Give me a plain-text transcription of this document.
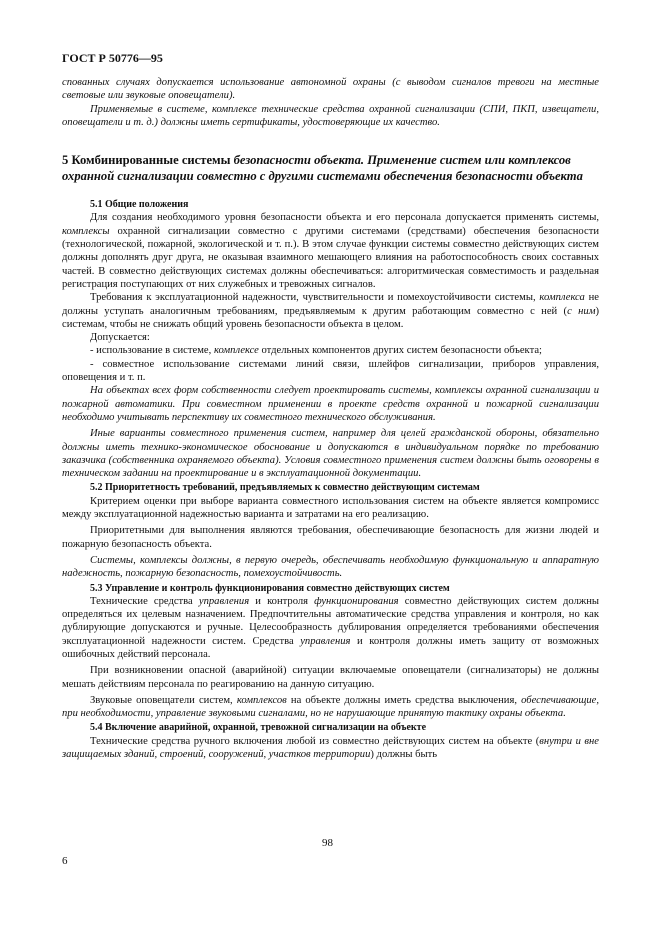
ГОСТ Р 50776—95

спованных случаях допускается использование автономной охраны (с выводом сигналов тревоги на местные световые или звуковые оповещатели).

Применяемые в системе, комплексе технические средства охранной сигнализации (СПИ, ПКП, извещатели, оповещатели и т. д.) должны иметь сертификаты, удостоверяющие их качество.

5 Комбинированные системы безопасности объекта. Применение систем или комплексов охранной сигнализации совместно с другими системами обеспечения безопасности объекта

5.1 Общие положения

Для создания необходимого уровня безопасности объекта и его персонала допускается применять системы, комплексы охранной сигнализации совместно с другими системами (средствами) обеспечения безопасности (технологической, пожарной, экологической и т. п.). В этом случае функции системы совместно действующих систем должны дополнять друг друга, не оказывая взаимного мешающего влияния на работоспособность своих составных частей. В совместно действующих системах должны обеспечиваться: алгоритмическая совместимость и раздельная регистрация поступающих от них служебных и тревожных сигналов.

Требования к эксплуатационной надежности, чувствительности и помехоустойчивости системы, комплекса не должны уступать аналогичным требованиям, предъявляемым к другим работающим совместно с ней (с ним) системам, чтобы не снижать общий уровень безопасности объекта в целом.

Допускается:

- использование в системе, комплексе отдельных компонентов других систем безопасности объекта;

- совместное использование системами линий связи, шлейфов сигнализации, приборов управления, оповещения и т. п.

На объектах всех форм собственности следует проектировать системы, комплексы охранной сигнализации и пожарной автоматики. При совместном применении в проекте средств охранной и пожарной сигнализации необходимо учитывать перспективу их совместного технического обслуживания.

Иные варианты совместного применения систем, например для целей гражданской обороны, обязательно должны иметь технико-экономическое обоснование и допускаются в индивидуальном порядке по требованию заказчика (собственника охраняемого объекта). Условия совместного применения систем должны быть оговорены в техническом задании на проектирование и в эксплуатационной документации.

5.2 Приоритетность требований, предъявляемых к совместно действующим системам

Критерием оценки при выборе варианта совместного использования систем на объекте является компромисс между эксплуатационной надежностью варианта и затратами на его реализацию.

Приоритетными для выполнения являются требования, обеспечивающие безопасность для жизни людей и пожарную безопасность объекта.

Системы, комплексы должны, в первую очередь, обеспечивать необходимую функциональную и аппаратную надежность, пожарную безопасность, помехоустойчивость.

5.3 Управление и контроль функционирования совместно действующих систем

Технические средства управления и контроля функционирования совместно действующих систем должны определяться их целевым назначением. Предпочтительны автоматические средства управления и контроля, но как дублирующие допускаются и ручные. Целесообразность дублирования определяется требованиями обеспечения эксплуатационной надежности систем. Средства управления и контроля должны иметь защиту от возможных ошибочных действий персонала.

При возникновении опасной (аварийной) ситуации включаемые оповещатели (сигнализаторы) не должны мешать действиям персонала по реагированию на данную ситуацию.

Звуковые оповещатели систем, комплексов на объекте должны иметь средства выключения, обеспечивающие, при необходимости, управление звуковыми сигналами, но не нарушающие принятую тактику охраны объекта.

5.4 Включение аварийной, охранной, тревожной сигнализации на объекте

Технические средства ручного включения любой из совместно действующих систем на объекте (внутри и вне защищаемых зданий, строений, сооружений, участков территории) должны быть

98
6
